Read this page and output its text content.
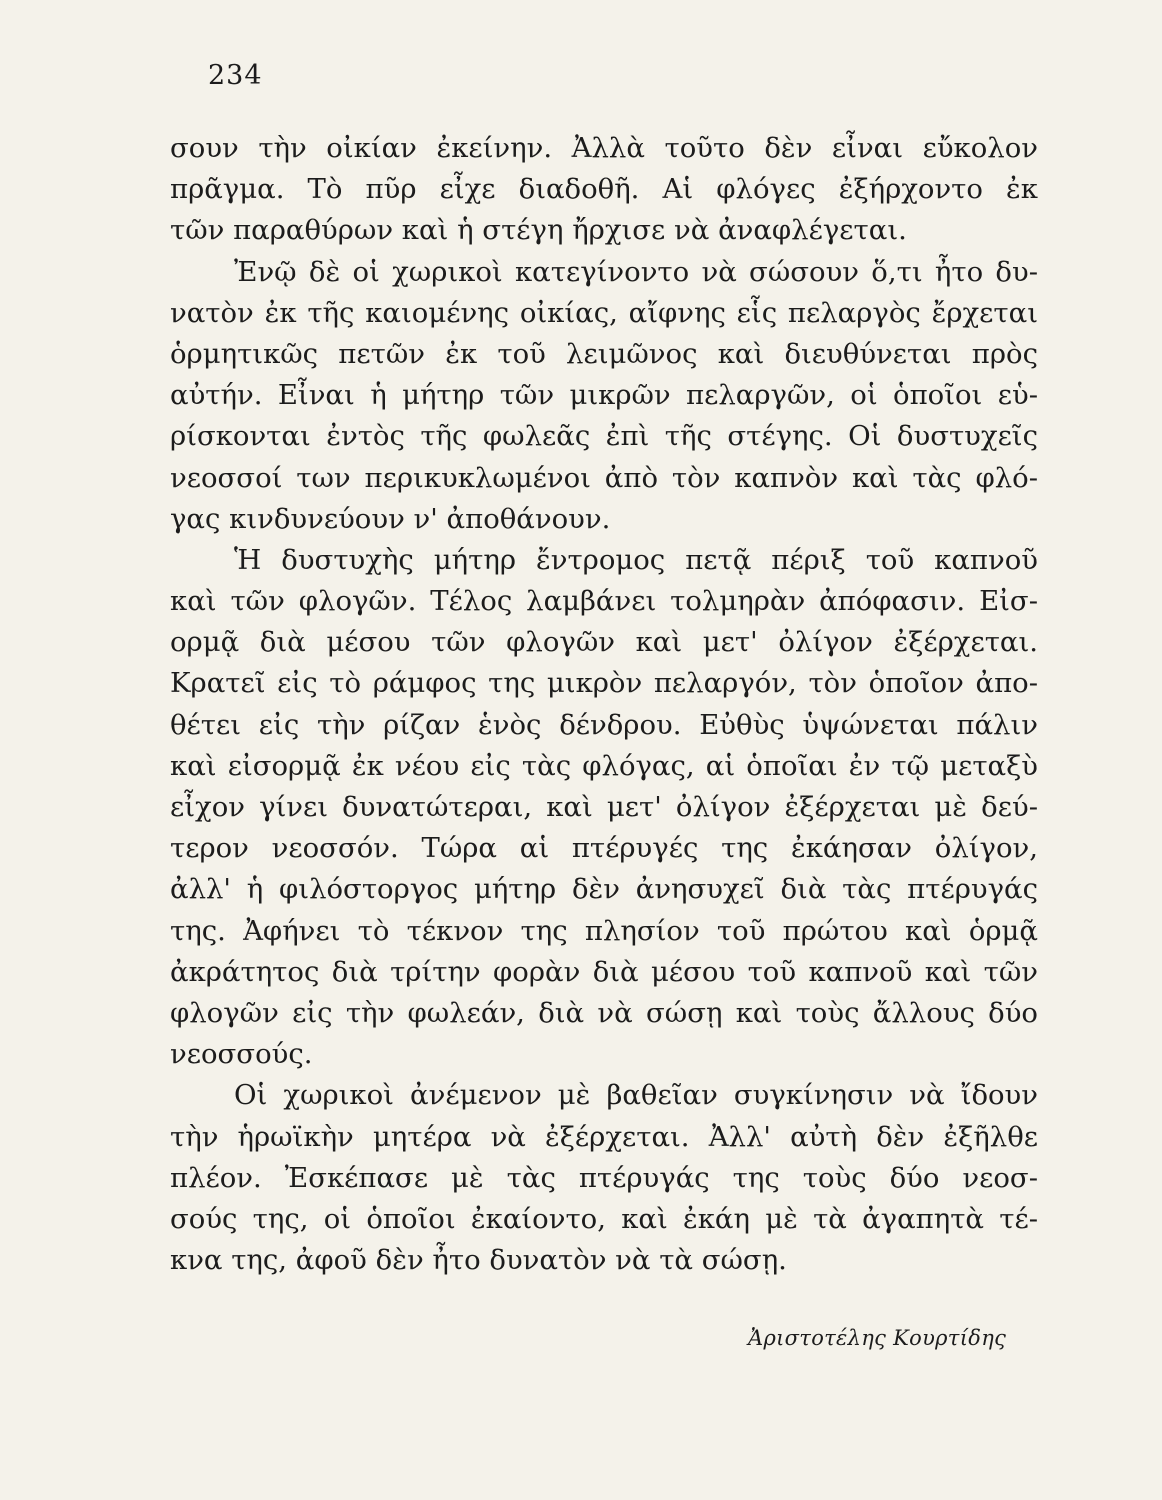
234
σουν τὴν οἰκίαν ἐκείνην. Ἀλλὰ τοῦτο δὲν εἶναι εὔκολον
πρᾶγμα. Τὸ πῦρ εἶχε διαδοθῆ. Αἱ φλόγες ἐξήρχοντο ἐκ
τῶν παραθύρων καὶ ἡ στέγη ἤρχισε νὰ ἀναφλέγεται.
Ἐνῷ δὲ οἱ χωρικοὶ κατεγίνοντο νὰ σώσουν ὅ,τι ἦτο δυ-
νατὸν ἐκ τῆς καιομένης οἰκίας, αἴφνης εἷς πελαργὸς ἔρχεται
ὁρμητικῶς πετῶν ἐκ τοῦ λειμῶνος καὶ διευθύνεται πρὸς
αὐτήν. Εἶναι ἡ μήτηρ τῶν μικρῶν πελαργῶν, οἱ ὁποῖοι εὑ-
ρίσκονται ἐντὸς τῆς φωλεᾶς ἐπὶ τῆς στέγης. Οἱ δυστυχεῖς
νεοσσοί των περικυκλωμένοι ἀπὸ τὸν καπνὸν καὶ τὰς φλό-
γας κινδυνεύουν ν' ἀποθάνουν.
Ἡ δυστυχὴς μήτηρ ἔντρομος πετᾷ πέριξ τοῦ καπνοῦ
καὶ τῶν φλογῶν. Τέλος λαμβάνει τολμηρὰν ἀπόφασιν. Εἰσ-
ορμᾷ διὰ μέσου τῶν φλογῶν καὶ μετ' ὀλίγον ἐξέρχεται.
Κρατεῖ εἰς τὸ ράμφος της μικρὸν πελαργόν, τὸν ὁποῖον ἀπο-
θέτει εἰς τὴν ρίζαν ἑνὸς δένδρου. Εὐθὺς ὑψώνεται πάλιν
καὶ εἰσορμᾷ ἐκ νέου εἰς τὰς φλόγας, αἱ ὁποῖαι ἐν τῷ μεταξὺ
εἶχον γίνει δυνατώτεραι, καὶ μετ' ὀλίγον ἐξέρχεται μὲ δεύ-
τερον νεοσσόν. Τώρα αἱ πτέρυγές της ἐκάησαν ὀλίγον,
ἀλλ' ἡ φιλόστοργος μήτηρ δὲν ἀνησυχεῖ διὰ τὰς πτέρυγάς
της. Ἀφήνει τὸ τέκνον της πλησίον τοῦ πρώτου καὶ ὁρμᾷ
ἀκράτητος διὰ τρίτην φορὰν διὰ μέσου τοῦ καπνοῦ καὶ τῶν
φλογῶν εἰς τὴν φωλεάν, διὰ νὰ σώσῃ καὶ τοὺς ἄλλους δύο
νεοσσούς.
Οἱ χωρικοὶ ἀνέμενον μὲ βαθεῖαν συγκίνησιν νὰ ἴδουν
τὴν ἡρωϊκὴν μητέρα νὰ ἐξέρχεται. Ἀλλ' αὐτὴ δὲν ἐξῆλθε
πλέον. Ἐσκέπασε μὲ τὰς πτέρυγάς της τοὺς δύο νεοσ-
σούς της, οἱ ὁποῖοι ἐκαίοντο, καὶ ἐκάη μὲ τὰ ἀγαπητὰ τέ-
κνα της, ἀφοῦ δὲν ἦτο δυνατὸν νὰ τὰ σώσῃ.
Ἀριστοτέλης Κουρτίδης
